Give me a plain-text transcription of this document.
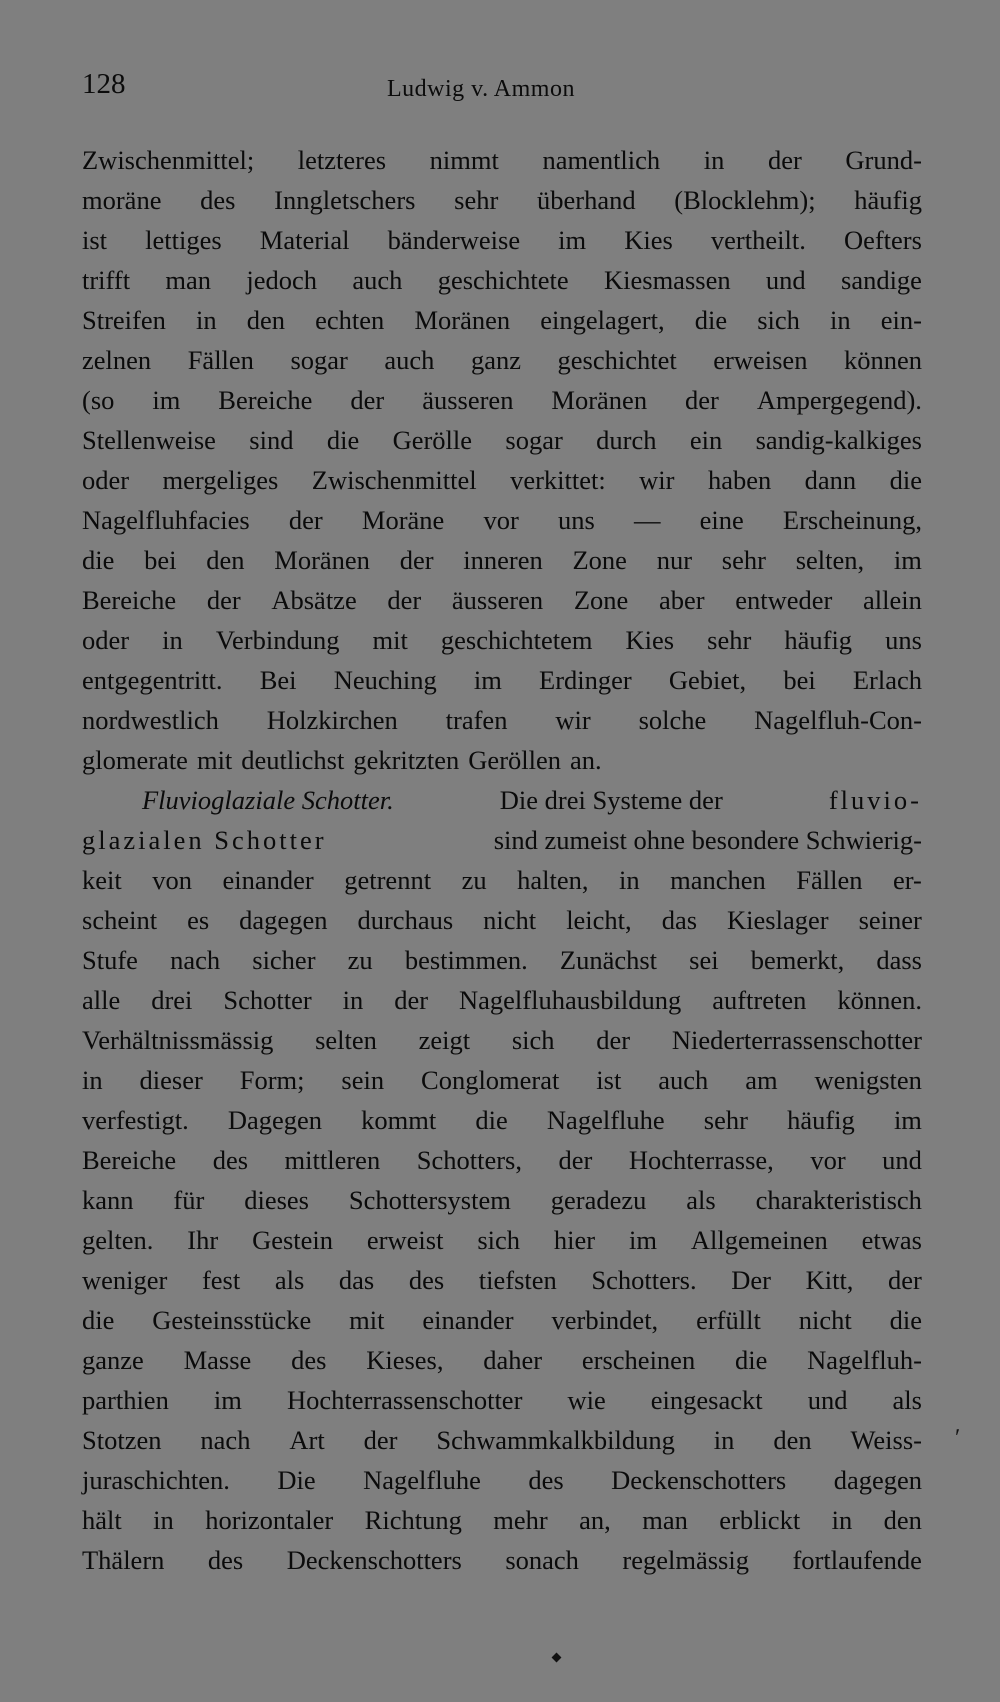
128	Ludwig v. Ammon
Zwischenmittel; letzteres nimmt namentlich in der Grund-
moräne des Inngletschers sehr überhand (Blocklehm); häufig
ist lettiges Material bänderweise im Kies vertheilt. Oefters
trifft man jedoch auch geschichtete Kiesmassen und sandige
Streifen in den echten Moränen eingelagert, die sich in ein-
zelnen Fällen sogar auch ganz geschichtet erweisen können
(so im Bereiche der äusseren Moränen der Ampergegend).
Stellenweise sind die Gerölle sogar durch ein sandig-kalkiges
oder mergeliges Zwischenmittel verkittet: wir haben dann die
Nagelfluhfacies der Moräne vor uns — eine Erscheinung,
die bei den Moränen der inneren Zone nur sehr selten, im
Bereiche der Absätze der äusseren Zone aber entweder allein
oder in Verbindung mit geschichtetem Kies sehr häufig uns
entgegentritt. Bei Neuching im Erdinger Gebiet, bei Erlach
nordwestlich Holzkirchen trafen wir solche Nagelfluh-Con-
glomerate mit deutlichst gekritzten Geröllen an.
Fluvioglaziale Schotter.	Die drei Systeme der	fluvio-
glazialen Schotter	sind zumeist ohne besondere Schwierig-
keit von einander getrennt zu halten, in manchen Fällen er-
scheint es dagegen durchaus nicht leicht, das Kieslager seiner
Stufe nach sicher zu bestimmen. Zunächst sei bemerkt, dass
alle drei Schotter in der Nagelfluhausbildung auftreten können.
Verhältnissmässig selten zeigt sich der Niederterrassenschotter
in dieser Form; sein Conglomerat ist auch am wenigsten
verfestigt. Dagegen kommt die Nagelfluhe sehr häufig im
Bereiche des mittleren Schotters, der Hochterrasse, vor und
kann für dieses Schottersystem geradezu als charakteristisch
gelten. Ihr Gestein erweist sich hier im Allgemeinen etwas
weniger fest als das des tiefsten Schotters. Der Kitt, der
die Gesteinsstücke mit einander verbindet, erfüllt nicht die
ganze Masse des Kieses, daher erscheinen die Nagelfluh-
parthien im Hochterrassenschotter wie eingesackt und als
Stotzen nach Art der Schwammkalkbildung in den Weiss-
juraschichten. Die Nagelfluhe des Deckenschotters dagegen
hält in horizontaler Richtung mehr an, man erblickt in den
Thälern des Deckenschotters sonach regelmässig fortlaufende
ʹ
